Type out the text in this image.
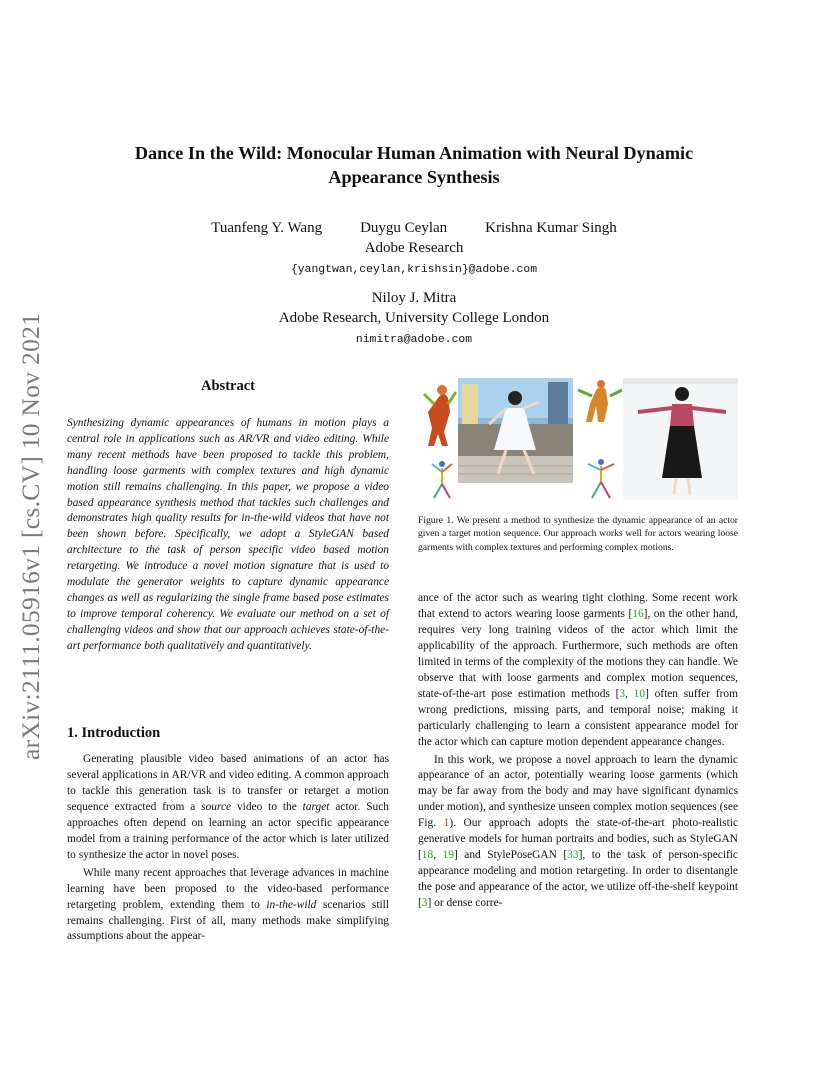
Dance In the Wild: Monocular Human Animation with Neural Dynamic
Appearance Synthesis
Tuanfeng Y. Wang	Duygu Ceylan	Krishna Kumar Singh
Adobe Research
{yangtwan,ceylan,krishsin}@adobe.com
Niloy J. Mitra
Adobe Research, University College London
nimitra@adobe.com
arXiv:2111.05916v1 [cs.CV] 10 Nov 2021	Abstract
Synthesizing dynamic appearances of humans in motion plays a central role in applications such as AR/VR and video editing. While many recent methods have been proposed to tackle this problem, handling loose garments with complex textures and high dynamic motion still remains challenging. In this paper, we propose a video based appearance synthesis method that tackles such challenges and demonstrates high quality results for in-the-wild videos that have not been shown before. Specifically, we adopt a StyleGAN based architecture to the task of person specific video based motion retargeting. We introduce a novel motion signature that is used to modulate the generator weights to capture dynamic appearance changes as well as regularizing the single frame based pose estimates to improve temporal coherency. We evaluate our method on a set of challenging videos and show that our approach achieves state-of-the-art performance both qualitatively and quantitatively.
1. Introduction

Generating plausible video based animations of an actor has several applications in AR/VR and video editing. A common approach to tackle this generation task is to transfer or retarget a motion sequence extracted from a source video to the target actor. Such approaches often depend on learning an actor specific appearance model from a training performance of the actor which is later utilized to synthesize the actor in novel poses.

While many recent approaches that leverage advances in machine learning have been proposed to the video-based performance retargeting problem, extending them to in-the-wild scenarios still remains challenging. First of all, many methods make simplifying assumptions about the appear-

Figure 1. We present a method to synthesize the dynamic appearance of an actor given a target motion sequence. Our approach works well for actors wearing loose garments with complex textures and performing complex motions.

ance of the actor such as wearing tight clothing. Some recent work that extend to actors wearing loose garments [16], on the other hand, requires very long training videos of the actor which limit the applicability of the approach. Furthermore, such methods are often limited in terms of the complexity of the motions they can handle. We observe that with loose garments and complex motion sequences, state-of-the-art pose estimation methods [3, 10] often suffer from wrong predictions, missing parts, and temporal noise; making it particularly challenging to learn a consistent appearance model for the actor which can capture motion dependent appearance changes.

In this work, we propose a novel approach to learn the dynamic appearance of an actor, potentially wearing loose garments (which may be far away from the body and may have significant dynamics under motion), and synthesize unseen complex motion sequences (see Fig. 1). Our approach adopts the state-of-the-art photo-realistic generative models for human portraits and bodies, such as StyleGAN [18, 19] and StylePoseGAN [33], to the task of person-specific appearance modeling and motion retargeting. In order to disentangle the pose and appearance of the actor, we utilize off-the-shelf keypoint [3] or dense corre-
